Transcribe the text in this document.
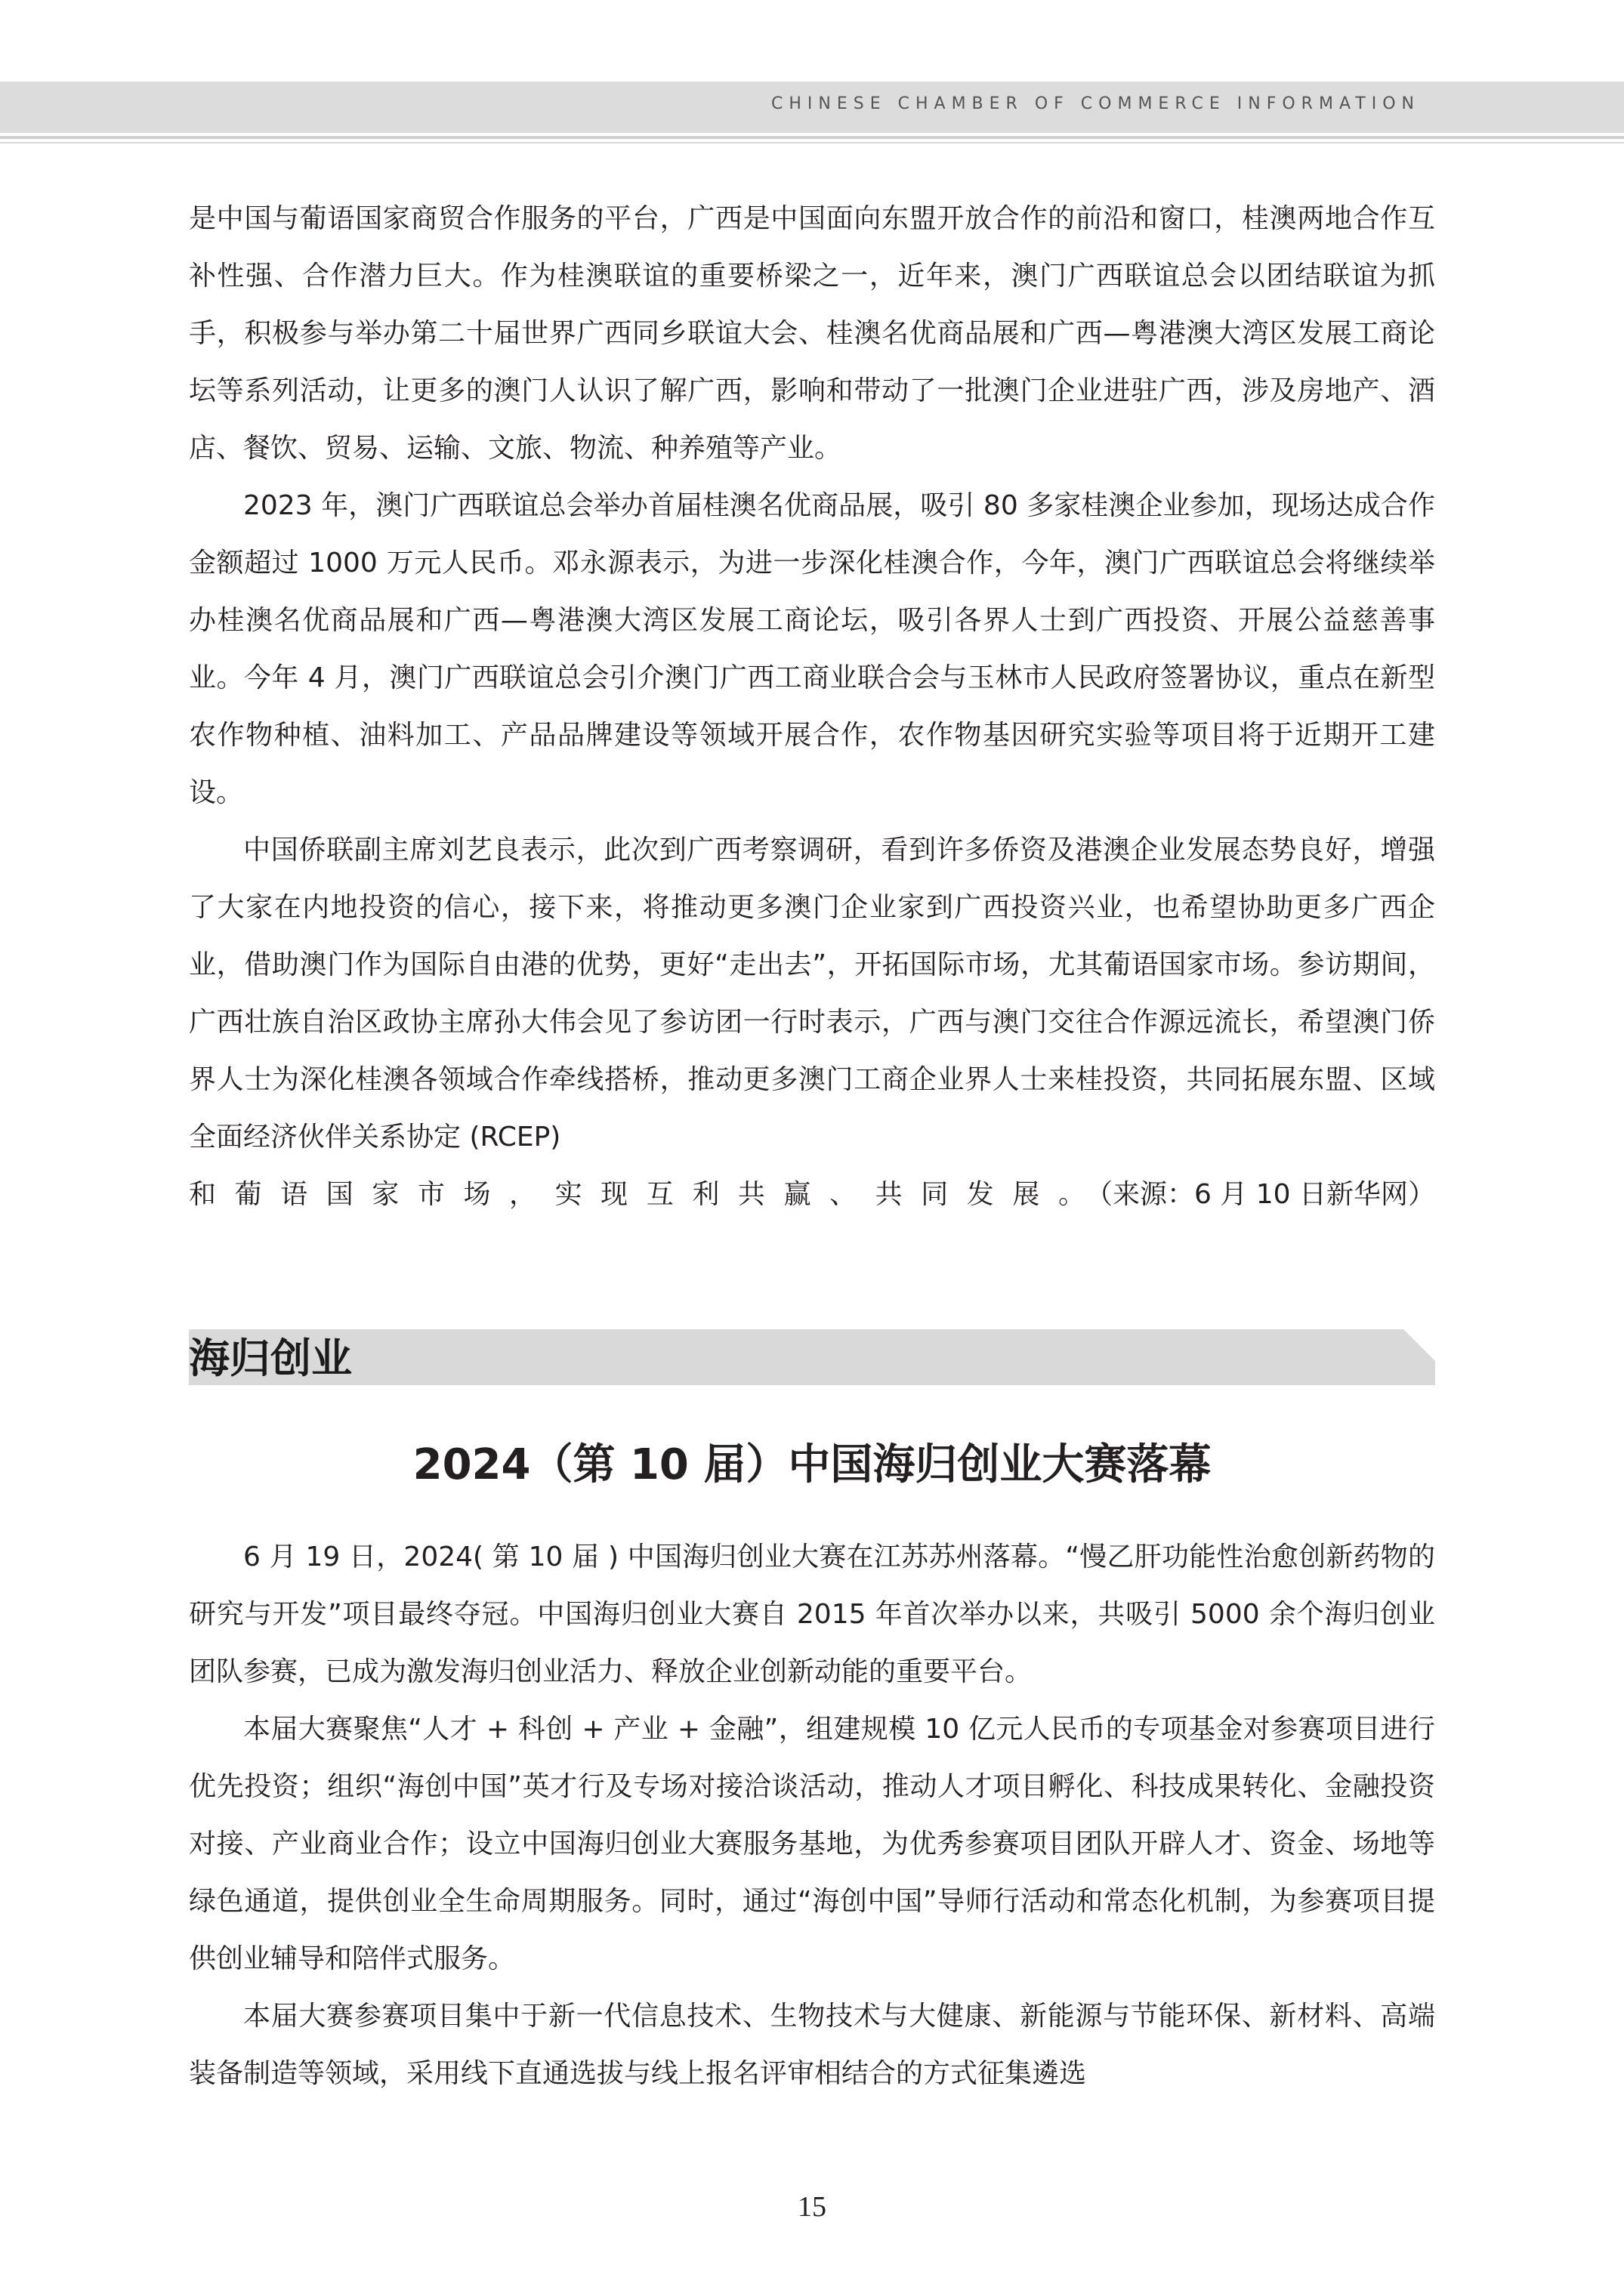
CHINESE CHAMBER OF COMMERCE INFORMATION

是中国与葡语国家商贸合作服务的平台，广西是中国面向东盟开放合作的前沿和窗口，桂澳两地合作互补性强、合作潜力巨大。作为桂澳联谊的重要桥梁之一，近年来，澳门广西联谊总会以团结联谊为抓手，积极参与举办第二十届世界广西同乡联谊大会、桂澳名优商品展和广西—粤港澳大湾区发展工商论坛等系列活动，让更多的澳门人认识了解广西，影响和带动了一批澳门企业进驻广西，涉及房地产、酒店、餐饮、贸易、运输、文旅、物流、种养殖等产业。

2023 年，澳门广西联谊总会举办首届桂澳名优商品展，吸引 80 多家桂澳企业参加，现场达成合作金额超过 1000 万元人民币。邓永源表示，为进一步深化桂澳合作，今年，澳门广西联谊总会将继续举办桂澳名优商品展和广西—粤港澳大湾区发展工商论坛，吸引各界人士到广西投资、开展公益慈善事业。今年 4 月，澳门广西联谊总会引介澳门广西工商业联合会与玉林市人民政府签署协议，重点在新型农作物种植、油料加工、产品品牌建设等领域开展合作，农作物基因研究实验等项目将于近期开工建设。

中国侨联副主席刘艺良表示，此次到广西考察调研，看到许多侨资及港澳企业发展态势良好，增强了大家在内地投资的信心，接下来，将推动更多澳门企业家到广西投资兴业，也希望协助更多广西企业，借助澳门作为国际自由港的优势，更好“走出去”，开拓国际市场，尤其葡语国家市场。参访期间，广西壮族自治区政协主席孙大伟会见了参访团一行时表示，广西与澳门交往合作源远流长，希望澳门侨界人士为深化桂澳各领域合作牵线搭桥，推动更多澳门工商企业界人士来桂投资，共同拓展东盟、区域全面经济伙伴关系协定 (RCEP)

和葡语国家市场，实现互利共赢、共同发展。 （来源：6 月 10 日新华网）

海归创业
2024（第 10 届）中国海归创业大赛落幕

6 月 19 日，2024( 第 10 届 ) 中国海归创业大赛在江苏苏州落幕。“慢乙肝功能性治愈创新药物的研究与开发”项目最终夺冠。中国海归创业大赛自 2015 年首次举办以来，共吸引 5000 余个海归创业团队参赛，已成为激发海归创业活力、释放企业创新动能的重要平台。

本届大赛聚焦“人才 + 科创 + 产业 + 金融”，组建规模 10 亿元人民币的专项基金对参赛项目进行优先投资；组织“海创中国”英才行及专场对接洽谈活动，推动人才项目孵化、科技成果转化、金融投资对接、产业商业合作；设立中国海归创业大赛服务基地，为优秀参赛项目团队开辟人才、资金、场地等绿色通道，提供创业全生命周期服务。同时，通过“海创中国”导师行活动和常态化机制，为参赛项目提供创业辅导和陪伴式服务。

本届大赛参赛项目集中于新一代信息技术、生物技术与大健康、新能源与节能环保、新材料、高端装备制造等领域，采用线下直通选拔与线上报名评审相结合的方式征集遴选

15
